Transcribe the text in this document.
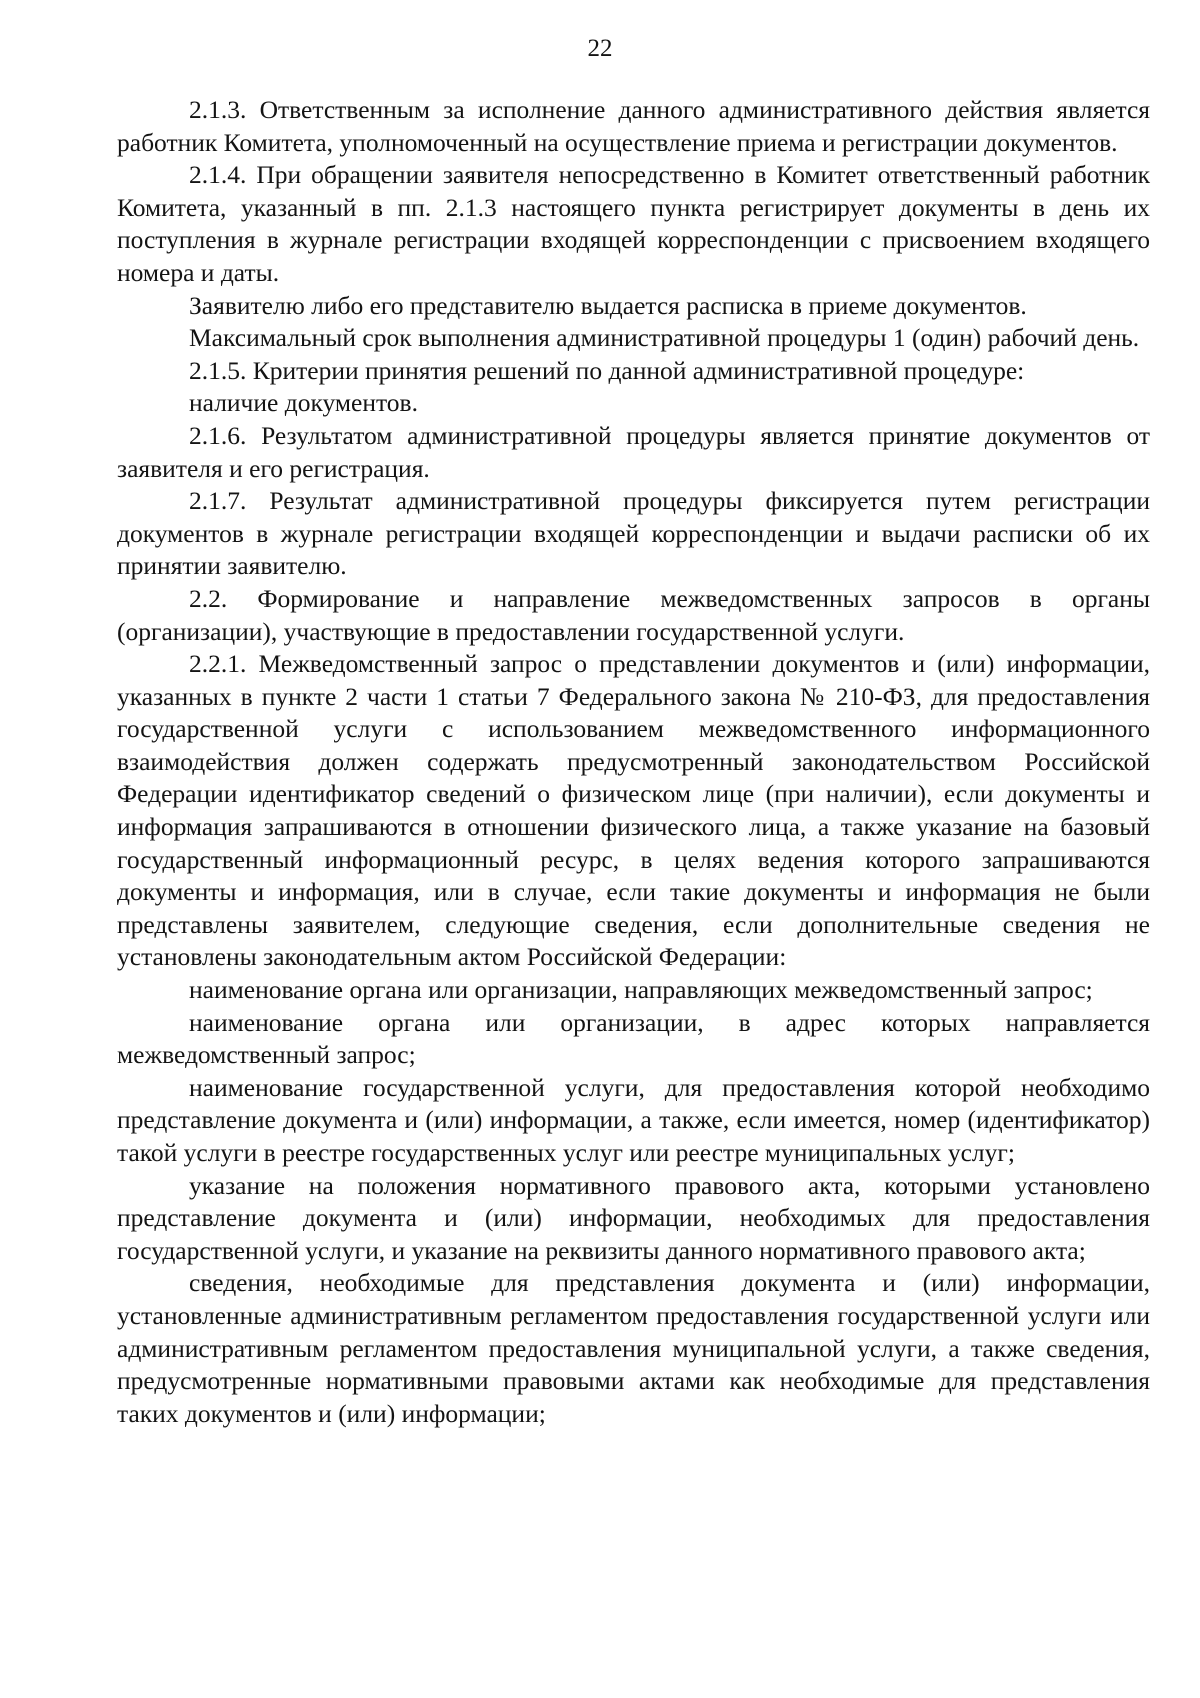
22

2.1.3. Ответственным за исполнение данного административного действия является работник Комитета, уполномоченный на осуществление приема и регистрации документов.

2.1.4. При обращении заявителя непосредственно в Комитет ответственный работник Комитета, указанный в пп. 2.1.3 настоящего пункта регистрирует документы в день их поступления в журнале регистрации входящей корреспонденции с присвоением входящего номера и даты.

Заявителю либо его представителю выдается расписка в приеме документов.

Максимальный срок выполнения административной процедуры 1 (один) рабочий день.

2.1.5. Критерии принятия решений по данной административной процедуре:

наличие документов.

2.1.6. Результатом административной процедуры является принятие документов от заявителя и его регистрация.

2.1.7. Результат административной процедуры фиксируется путем регистрации документов в журнале регистрации входящей корреспонденции и выдачи расписки об их принятии заявителю.

2.2. Формирование и направление межведомственных запросов в органы (организации), участвующие в предоставлении государственной услуги.

2.2.1. Межведомственный запрос о представлении документов и (или) информации, указанных в пункте 2 части 1 статьи 7 Федерального закона № 210-ФЗ, для предоставления государственной услуги с использованием межведомственного информационного взаимодействия должен содержать предусмотренный законодательством Российской Федерации идентификатор сведений о физическом лице (при наличии), если документы и информация запрашиваются в отношении физического лица, а также указание на базовый государственный информационный ресурс, в целях ведения которого запрашиваются документы и информация, или в случае, если такие документы и информация не были представлены заявителем, следующие сведения, если дополнительные сведения не установлены законодательным актом Российской Федерации:

наименование органа или организации, направляющих межведомственный запрос;

наименование органа или организации, в адрес которых направляется межведомственный запрос;

наименование государственной услуги, для предоставления которой необходимо представление документа и (или) информации, а также, если имеется, номер (идентификатор) такой услуги в реестре государственных услуг или реестре муниципальных услуг;

указание на положения нормативного правового акта, которыми установлено представление документа и (или) информации, необходимых для предоставления государственной услуги, и указание на реквизиты данного нормативного правового акта;

сведения, необходимые для представления документа и (или) информации, установленные административным регламентом предоставления государственной услуги или административным регламентом предоставления муниципальной услуги, а также сведения, предусмотренные нормативными правовыми актами как необходимые для представления таких документов и (или) информации;
